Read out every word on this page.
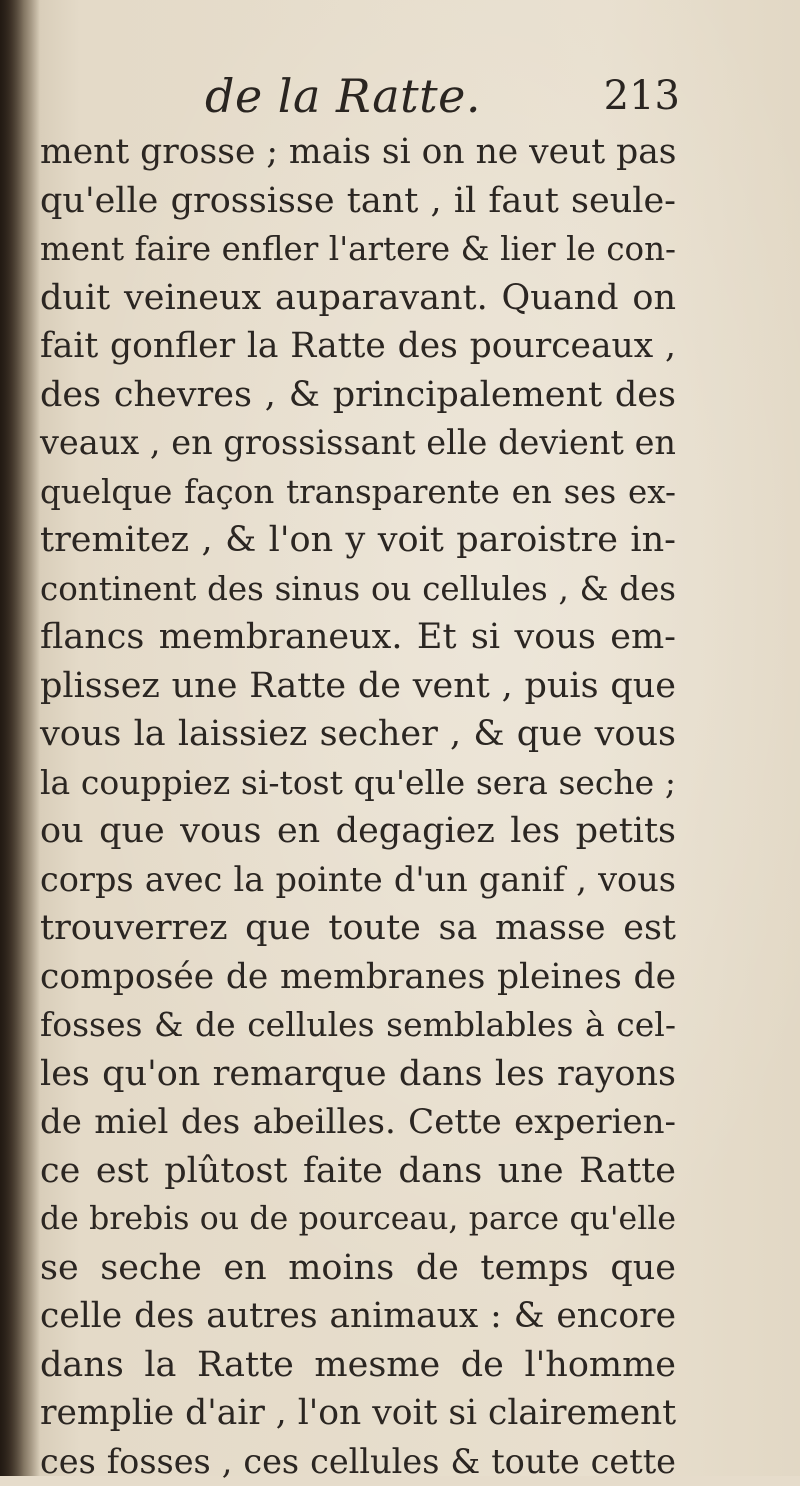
de la Ratte.	213
ment grosse ; mais si on ne veut pas
qu'elle grossisse tant , il faut seule-
ment faire enfler l'artere & lier le con-
duit veineux auparavant. Quand on
fait gonfler la Ratte des pourceaux ,
des chevres , & principalement des
veaux , en grossissant elle devient en
quelque façon transparente en ses ex-
tremitez , & l'on y voit paroistre in-
continent des sinus ou cellules , & des
flancs membraneux. Et si vous em-
plissez une Ratte de vent , puis que
vous la laissiez secher , & que vous
la couppiez si-tost qu'elle sera seche ;
ou que vous en degagiez les petits
corps avec la pointe d'un ganif , vous
trouverrez que toute sa masse est
composée de membranes pleines de
fosses & de cellules semblables à cel-
les qu'on remarque dans les rayons
de miel des abeilles. Cette experien-
ce est plûtost faite dans une Ratte
de brebis ou de pourceau, parce qu'elle
se seche en moins de temps que
celle des autres animaux : & encore
dans la Ratte mesme de l'homme
remplie d'air , l'on voit si clairement
ces fosses , ces cellules & toute cette
